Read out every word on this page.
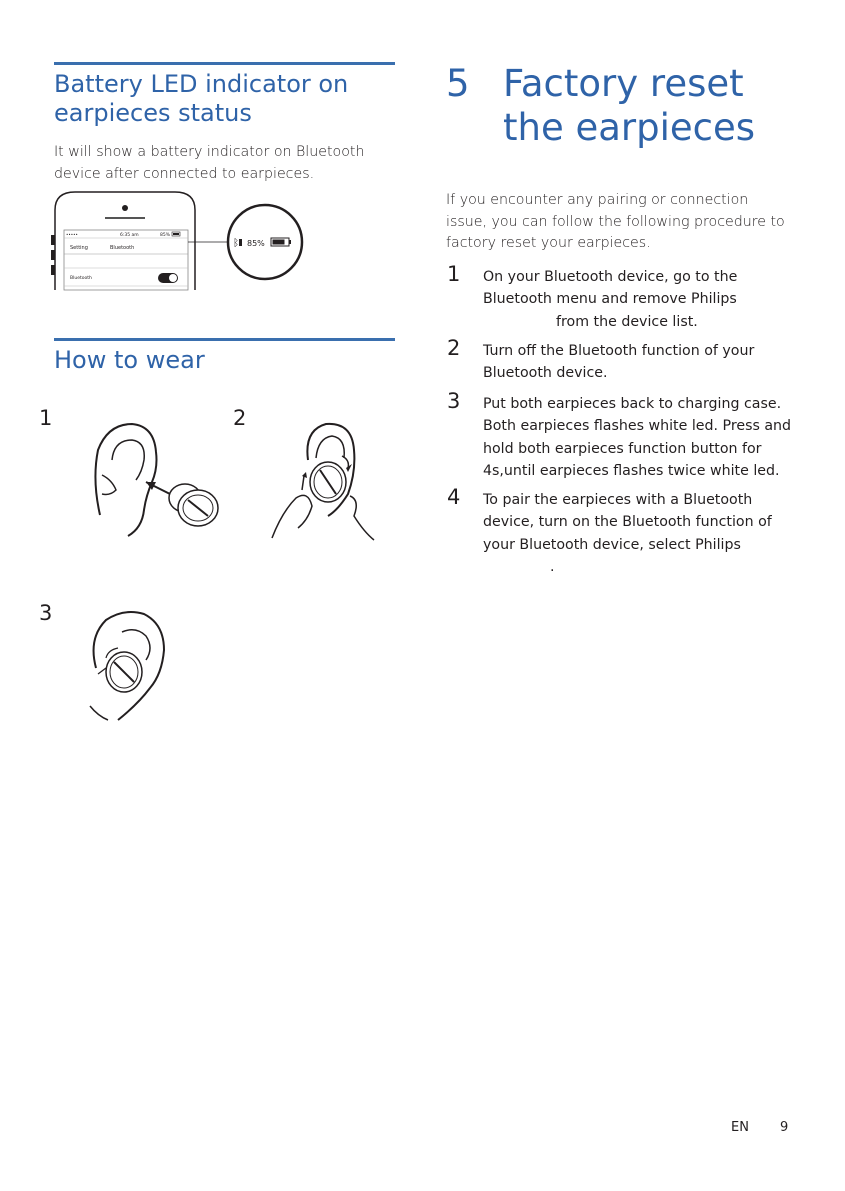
Battery LED indicator on earpieces status
It will show a battery indicator on Bluetooth device after connected to earpieces.
•••••	6:35 am	85%
Setting	Bluetooth
Bluetooth
ᛒ 85%
How to wear
1	2
3
5 Factory reset
the earpieces
If you encounter any pairing or connection issue, you can follow the following procedure to factory reset your earpieces.
1 On your Bluetooth device, go to the Bluetooth menu and remove Philips
from the device list.
2 Turn off the Bluetooth function of your Bluetooth device.
3 Put both earpieces back to charging case. Both earpieces flashes white led. Press and hold both earpieces function button for 4s,until earpieces flashes twice white led.
4 To pair the earpieces with a Bluetooth device, turn on the Bluetooth function of your Bluetooth device, select Philips
.
EN 9
